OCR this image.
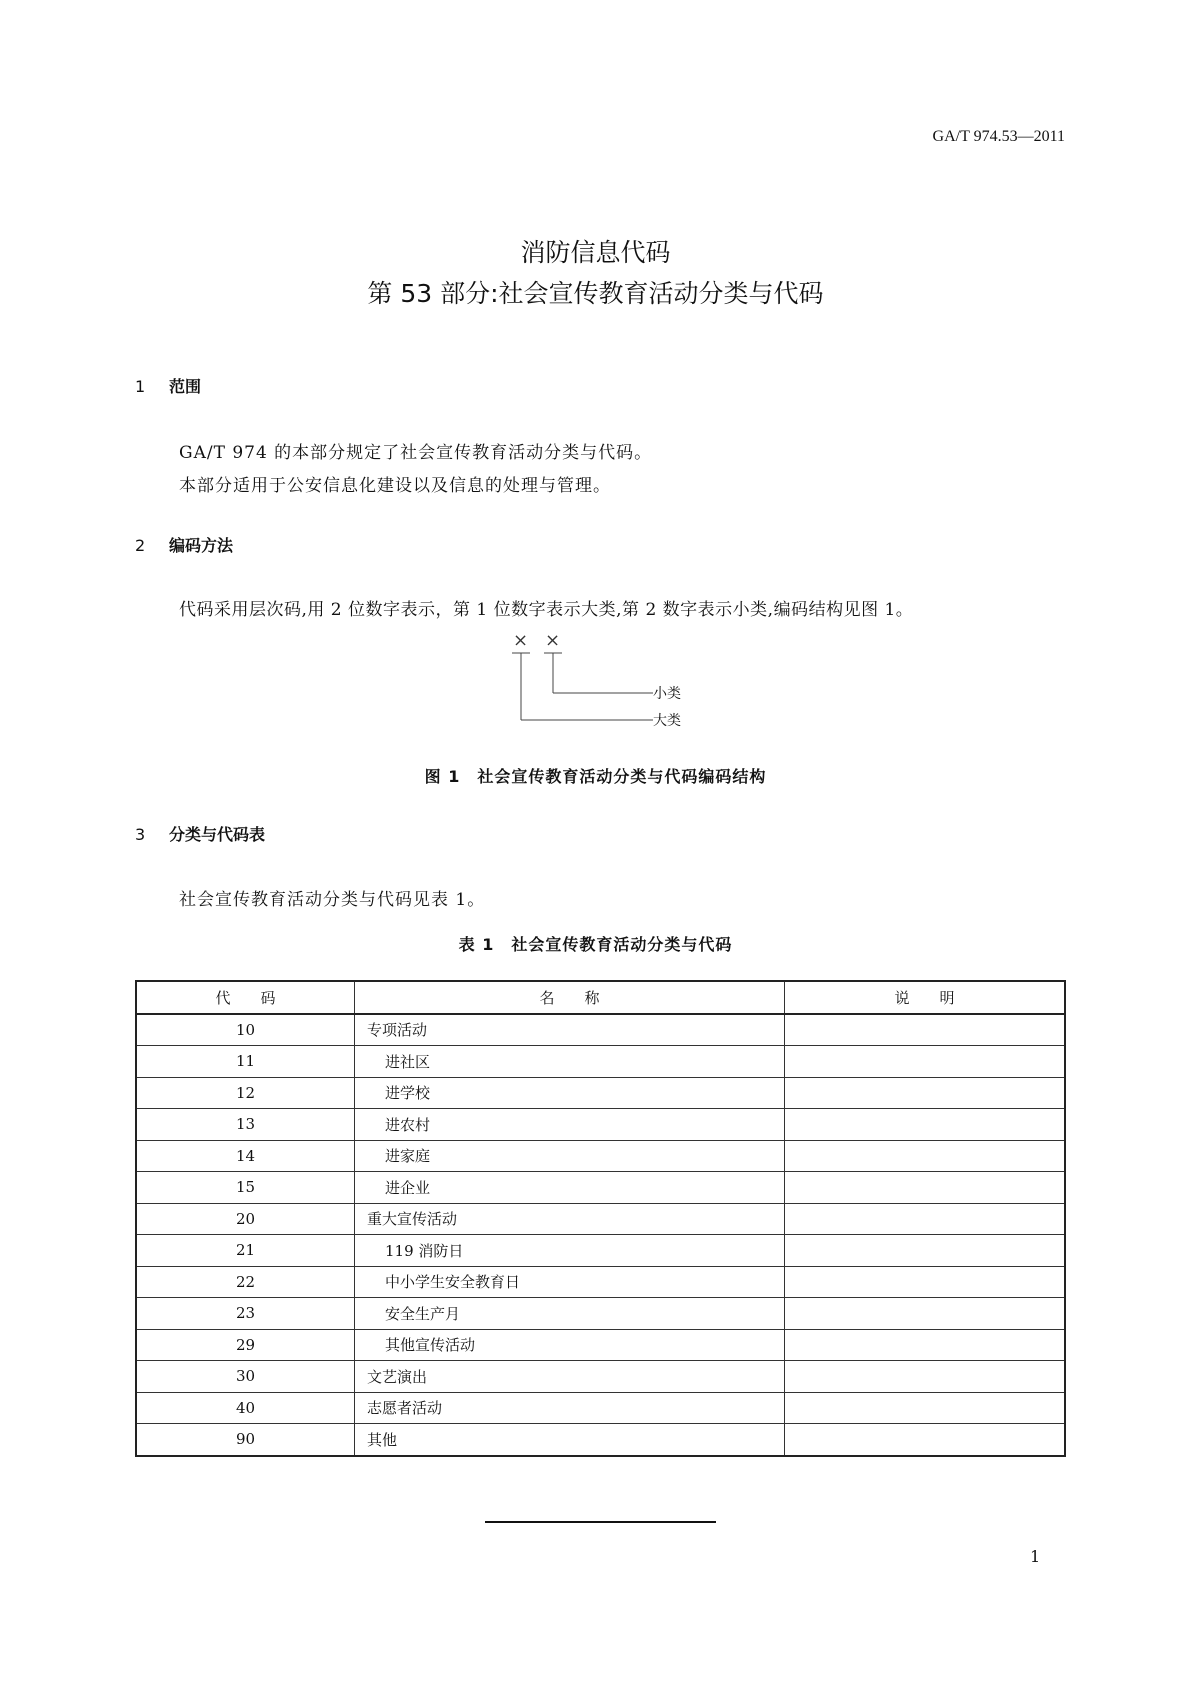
GA/T 974.53—2011
消防信息代码
第 53 部分:社会宣传教育活动分类与代码
1 范围
GA/T 974 的本部分规定了社会宣传教育活动分类与代码。
本部分适用于公安信息化建设以及信息的处理与管理。
2 编码方法
代码采用层次码,用 2 位数字表示，第 1 位数字表示大类,第 2 数字表示小类,编码结构见图 1。
× ×
小类
大类
图 1　社会宣传教育活动分类与代码编码结构
3 分类与代码表
社会宣传教育活动分类与代码见表 1。
表 1　社会宣传教育活动分类与代码
代　　码	名　　称	说　　明
10	专项活动	
11	进社区	
12	进学校	
13	进农村	
14	进家庭	
15	进企业	
20	重大宣传活动	
21	119 消防日	
22	中小学生安全教育日	
23	安全生产月	
29	其他宣传活动	
30	文艺演出	
40	志愿者活动	
90	其他	
1
